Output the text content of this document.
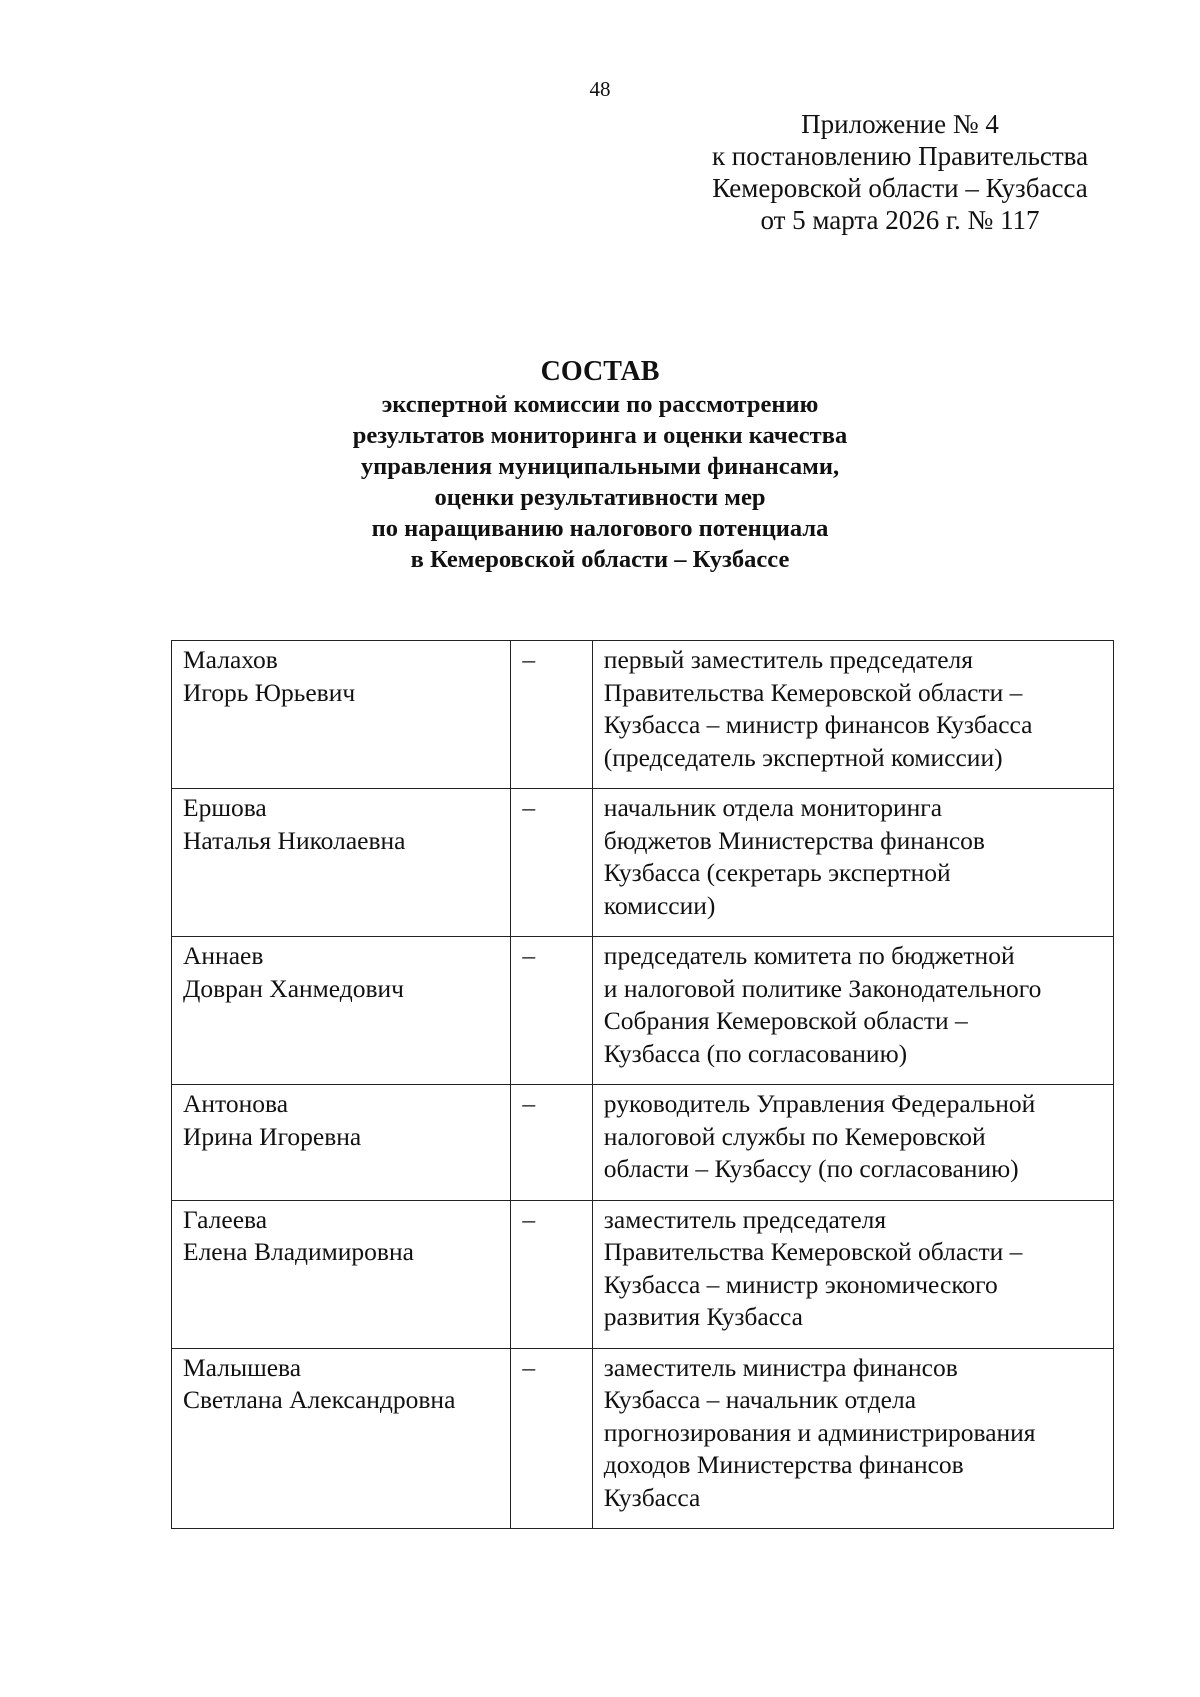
48
Приложение № 4
к постановлению Правительства
Кемеровской области – Кузбасса
от 5 марта 2026 г. № 117
СОСТАВ
экспертной комиссии по рассмотрению
результатов мониторинга и оценки качества
управления муниципальными финансами,
оценки результативности мер
по наращиванию налогового потенциала
в Кемеровской области – Кузбассе
Малахов
Игорь Юрьевич	–	первый заместитель председателя
Правительства Кемеровской области –
Кузбасса – министр финансов Кузбасса
(председатель экспертной комиссии)

Ершова
Наталья Николаевна	–	начальник отдела мониторинга
бюджетов Министерства финансов
Кузбасса (секретарь экспертной
комиссии)

Аннаев
Довран Ханмедович	–	председатель комитета по бюджетной
и налоговой политике Законодательного
Собрания Кемеровской области –
Кузбасса (по согласованию)

Антонова
Ирина Игоревна	–	руководитель Управления Федеральной
налоговой службы по Кемеровской
области – Кузбассу (по согласованию)

Галеева
Елена Владимировна	–	заместитель председателя
Правительства Кемеровской области –
Кузбасса – министр экономического
развития Кузбасса

Малышева
Светлана Александровна	–	заместитель министра финансов
Кузбасса – начальник отдела
прогнозирования и администрирования
доходов Министерства финансов
Кузбасса
